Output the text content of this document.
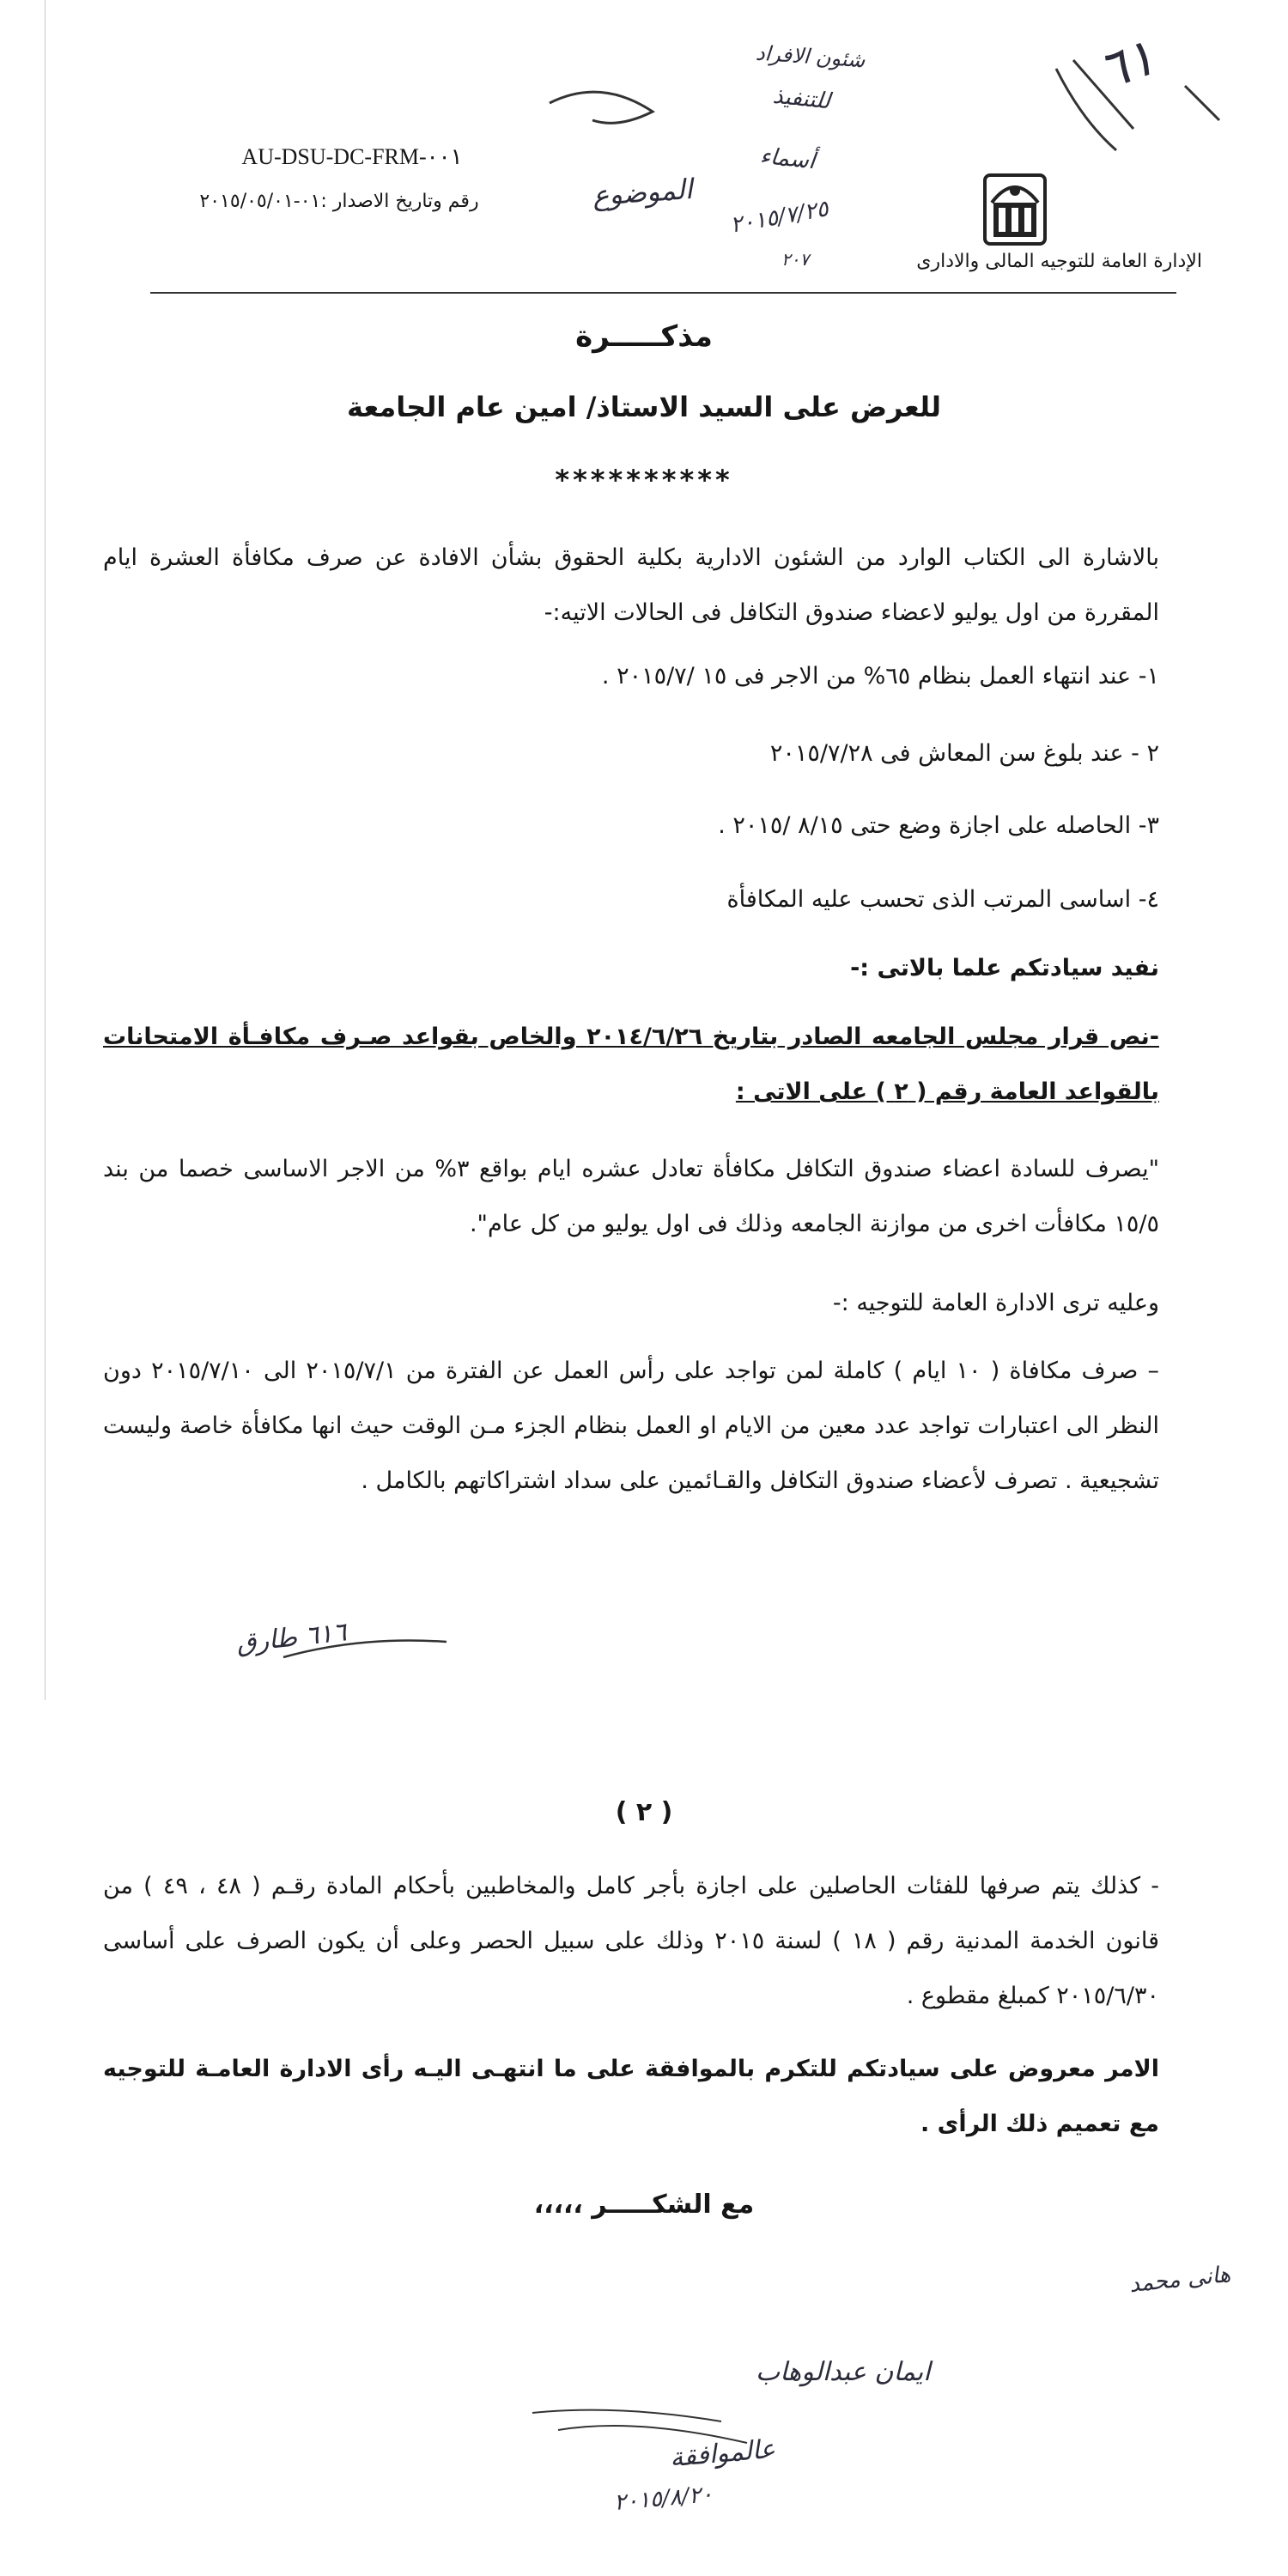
AU-DSU-DC-FRM-٠٠١
رقم وتاريخ الاصدار :٠١-٢٠١٥/٠٥/٠١
الإدارة العامة للتوجيه المالى والادارى
شئون الافراد
للتنفيذ
أسماء
الموضوع
٢٠١٥/٧/٢٥
٢٠٧
٦١
مذكـــــرة
للعرض على السيد الاستاذ/ امين عام الجامعة
**********
بالاشارة الى الكتاب الوارد من الشئون الادارية بكلية الحقوق بشأن الافادة عن صرف مكافأة العشرة ايام المقررة من اول يوليو لاعضاء صندوق التكافل فى الحالات الاتيه:-
١- عند انتهاء العمل بنظام ٦٥% من الاجر فى ١٥ /٢٠١٥/٧ .
٢ - عند بلوغ سن المعاش فى ٢٠١٥/٧/٢٨
٣- الحاصله على اجازة وضع حتى ٨/١٥ /٢٠١٥ .
٤- اساسى المرتب الذى تحسب عليه المكافأة
نفيد سيادتكم علما بالاتى :-
-نص قرار مجلس الجامعه الصادر بتاريخ ٢٠١٤/٦/٢٦ والخاص بقواعد صـرف مكافـأة الامتحانات بالقواعد العامة رقم ( ٢ ) على الاتى :
"يصرف للسادة اعضاء صندوق التكافل مكافأة تعادل عشره ايام بواقع ٣% من الاجر الاساسى خصما من بند ١٥/٥ مكافأت اخرى من موازنة الجامعه وذلك فى اول يوليو من كل عام".
وعليه ترى الادارة العامة للتوجيه :-
– صرف مكافاة ( ١٠ ايام ) كاملة لمن تواجد على رأس العمل عن الفترة من ٢٠١٥/٧/١ الى ٢٠١٥/٧/١٠ دون النظر الى اعتبارات تواجد عدد معين من الايام او العمل بنظام الجزء مـن الوقت حيث انها مكافأة خاصة وليست تشجيعية . تصرف لأعضاء صندوق التكافل والقـائمين على سداد اشتراكاتهم بالكامل .
٦١٦ طارق
( ٢ )
- كذلك يتم صرفها للفئات الحاصلين على اجازة بأجر كامل والمخاطبين بأحكام المادة رقـم ( ٤٨ ، ٤٩ ) من قانون الخدمة المدنية رقم ( ١٨ ) لسنة ٢٠١٥ وذلك على سبيل الحصر وعلى أن يكون الصرف على أساسى ٢٠١٥/٦/٣٠ كمبلغ مقطوع .
الامر معروض على سيادتكم للتكرم بالموافقة على ما انتهـى اليـه رأى الادارة العامـة للتوجيه مع تعميم ذلك الرأى .
مع الشكـــــر ،،،،،
هانى محمد
ايمان عبدالوهاب
عالموافقة
٢٠١٥/٨/٢٠
